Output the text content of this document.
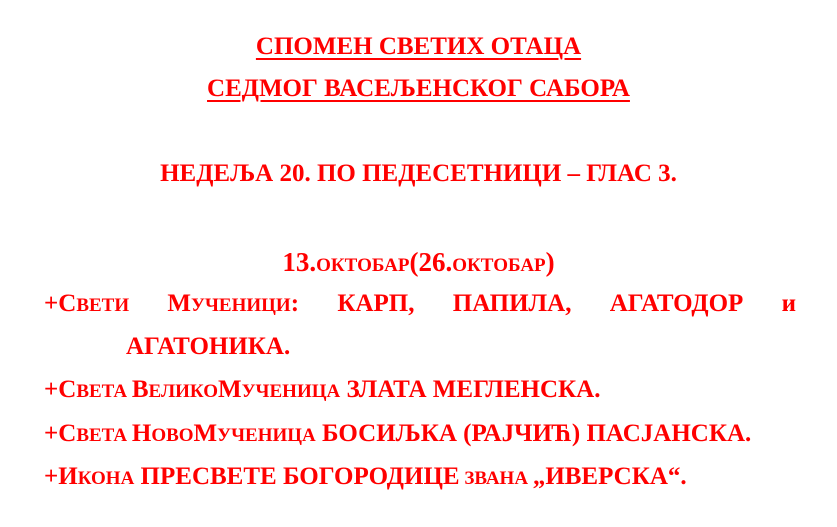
СПОМЕН СВЕТИХ ОТАЦА
СЕДМОГ ВАСЕЉЕНСКОГ САБОРА
НЕДЕЉА 20. ПО ПЕДЕСЕТНИЦИ – ГЛАС 3.
13.ОКТОБАР(26.ОКТОБАР)
+СВЕТИ МУЧЕНИЦИ: КАРП, ПАПИЛА, АГАТОДОР и
АГАТОНИКА.
+СВЕТА ВЕЛИКОМУЧЕНИЦА ЗЛАТА МЕГЛЕНСКА.
+СВЕТА НОВОМУЧЕНИЦА БОСИЉКА (РАЈЧИЋ) ПАСЈАНСКА.
+ИКОНА ПРЕСВЕТЕ БОГОРОДИЦЕ ЗВАНА „ИВЕРСКА“.
